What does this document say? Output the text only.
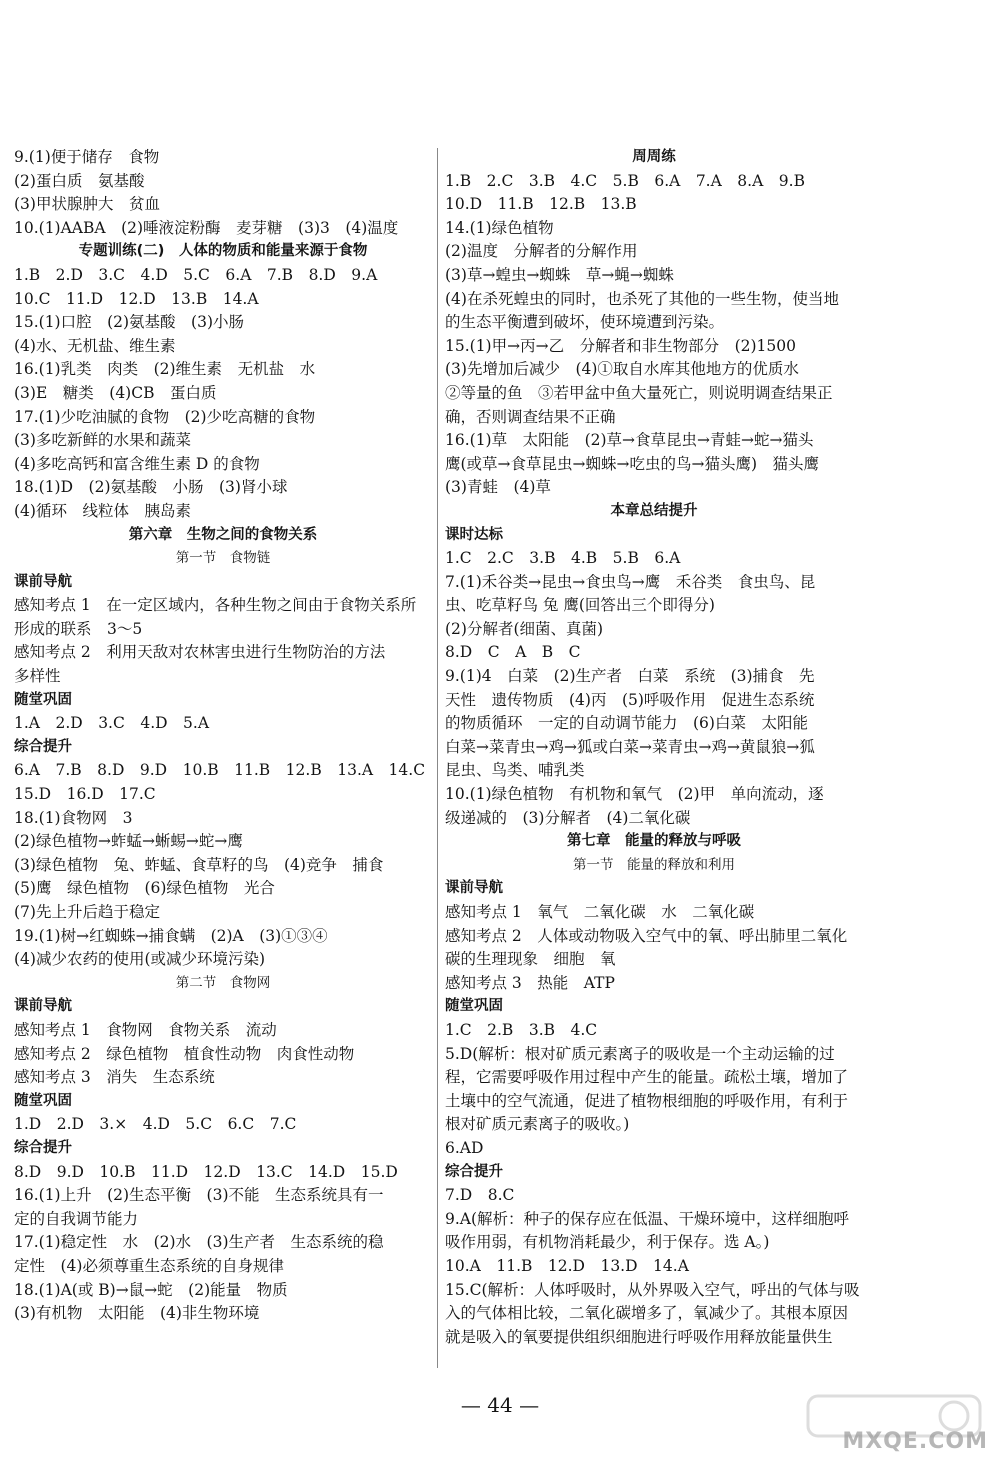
9.(1)便于储存　食物
(2)蛋白质　氨基酸
(3)甲状腺肿大　贫血
10.(1)AABA　(2)唾液淀粉酶　麦芽糖　(3)3　(4)温度
专题训练(二)　人体的物质和能量来源于食物
1.B　2.D　3.C　4.D　5.C　6.A　7.B　8.D　9.A
10.C　11.D　12.D　13.B　14.A
15.(1)口腔　(2)氨基酸　(3)小肠
(4)水、无机盐、维生素
16.(1)乳类　肉类　(2)维生素　无机盐　水
(3)E　糖类　(4)CB　蛋白质
17.(1)少吃油腻的食物　(2)少吃高糖的食物
(3)多吃新鲜的水果和蔬菜
(4)多吃高钙和富含维生素 D 的食物
18.(1)D　(2)氨基酸　小肠　(3)肾小球
(4)循环　线粒体　胰岛素
第六章　生物之间的食物关系
第一节　食物链
课前导航
感知考点 1　在一定区域内，各种生物之间由于食物关系所
形成的联系　3～5
感知考点 2　利用天敌对农林害虫进行生物防治的方法
多样性
随堂巩固
1.A　2.D　3.C　4.D　5.A
综合提升
6.A　7.B　8.D　9.D　10.B　11.B　12.B　13.A　14.C
15.D　16.D　17.C
18.(1)食物网　3
(2)绿色植物→蚱蜢→蜥蜴→蛇→鹰
(3)绿色植物　兔、蚱蜢、食草籽的鸟　(4)竞争　捕食
(5)鹰　绿色植物　(6)绿色植物　光合
(7)先上升后趋于稳定
19.(1)树→红蜘蛛→捕食螨　(2)A　(3)①③④
(4)减少农药的使用(或减少环境污染)
第二节　食物网
课前导航
感知考点 1　食物网　食物关系　流动
感知考点 2　绿色植物　植食性动物　肉食性动物
感知考点 3　消失　生态系统
随堂巩固
1.D　2.D　3.×　4.D　5.C　6.C　7.C
综合提升
8.D　9.D　10.B　11.D　12.D　13.C　14.D　15.D
16.(1)上升　(2)生态平衡　(3)不能　生态系统具有一
定的自我调节能力
17.(1)稳定性　水　(2)水　(3)生产者　生态系统的稳
定性　(4)必须尊重生态系统的自身规律
18.(1)A(或 B)→鼠→蛇　(2)能量　物质
(3)有机物　太阳能　(4)非生物环境
周周练
1.B　2.C　3.B　4.C　5.B　6.A　7.A　8.A　9.B
10.D　11.B　12.B　13.B
14.(1)绿色植物
(2)温度　分解者的分解作用
(3)草→蝗虫→蜘蛛　草→蝇→蜘蛛
(4)在杀死蝗虫的同时，也杀死了其他的一些生物，使当地
的生态平衡遭到破坏，使环境遭到污染。
15.(1)甲→丙→乙　分解者和非生物部分　(2)1500
(3)先增加后减少　(4)①取自水库其他地方的优质水
②等量的鱼　③若甲盆中鱼大量死亡，则说明调查结果正
确，否则调查结果不正确
16.(1)草　太阳能　(2)草→食草昆虫→青蛙→蛇→猫头
鹰(或草→食草昆虫→蜘蛛→吃虫的鸟→猫头鹰)　猫头鹰
(3)青蛙　(4)草
本章总结提升
课时达标
1.C　2.C　3.B　4.B　5.B　6.A
7.(1)禾谷类→昆虫→食虫鸟→鹰　禾谷类　食虫鸟、昆
虫、吃草籽鸟 兔 鹰(回答出三个即得分)
(2)分解者(细菌、真菌)
8.D　C　A　B　C
9.(1)4　白菜　(2)生产者　白菜　系统　(3)捕食　先
天性　遗传物质　(4)丙　(5)呼吸作用　促进生态系统
的物质循环　一定的自动调节能力　(6)白菜　太阳能
白菜→菜青虫→鸡→狐或白菜→菜青虫→鸡→黄鼠狼→狐
昆虫、鸟类、哺乳类
10.(1)绿色植物　有机物和氧气　(2)甲　单向流动，逐
级递减的　(3)分解者　(4)二氧化碳
第七章　能量的释放与呼吸
第一节　能量的释放和利用
课前导航
感知考点 1　氧气　二氧化碳　水　二氧化碳
感知考点 2　人体或动物吸入空气中的氧、呼出肺里二氧化
碳的生理现象　细胞　氧
感知考点 3　热能　ATP
随堂巩固
1.C　2.B　3.B　4.C
5.D(解析：根对矿质元素离子的吸收是一个主动运输的过
程，它需要呼吸作用过程中产生的能量。疏松土壤，增加了
土壤中的空气流通，促进了植物根细胞的呼吸作用，有利于
根对矿质元素离子的吸收。)
6.AD
综合提升
7.D　8.C
9.A(解析：种子的保存应在低温、干燥环境中，这样细胞呼
吸作用弱，有机物消耗最少，利于保存。选 A。)
10.A　11.B　12.D　13.D　14.A
15.C(解析：人体呼吸时，从外界吸入空气，呼出的气体与吸
入的气体相比较，二氧化碳增多了，氧减少了。其根本原因
就是吸入的氧要提供组织细胞进行呼吸作用释放能量供生
— 44 —
MXQE.COM
